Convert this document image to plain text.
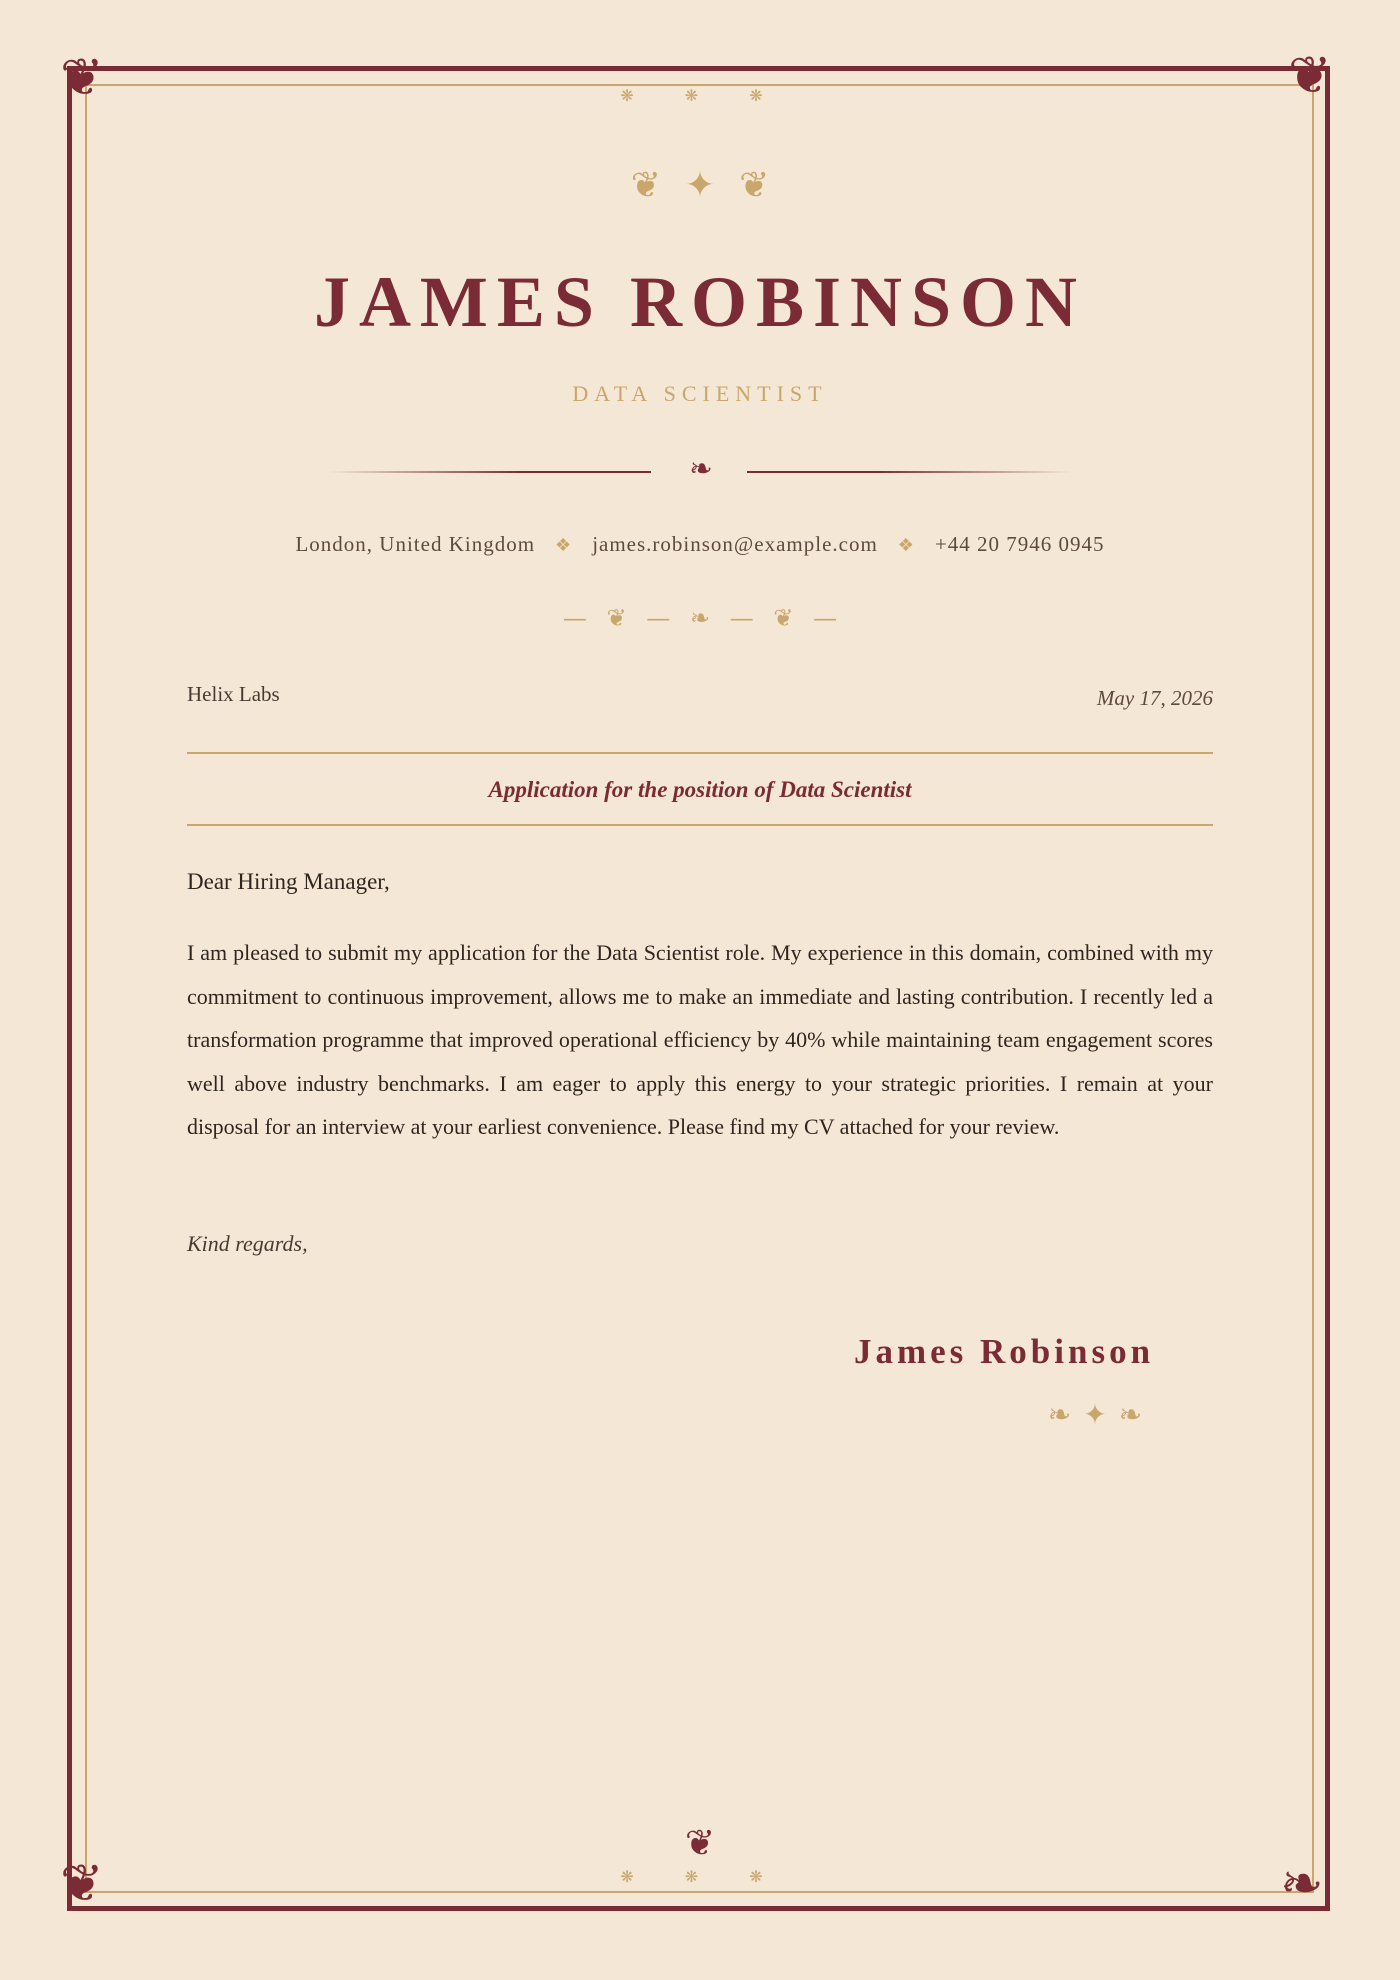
❦	❦
❦	❧
❋ ❋ ❋
❦ ✦ ❦
JAMES ROBINSON
DATA SCIENTIST
❧
London, United Kingdom ❖ james.robinson@example.com ❖ +44 20 7946 0945
— ❦ — ❧ — ❦ —
Helix Labs	May 17, 2026
Application for the position of Data Scientist
Dear Hiring Manager,

I am pleased to submit my application for the Data Scientist role. My experience in this domain, combined with my commitment to continuous improvement, allows me to make an immediate and lasting contribution. I recently led a transformation programme that improved operational efficiency by 40% while maintaining team engagement scores well above industry benchmarks. I am eager to apply this energy to your strategic priorities. I remain at your disposal for an interview at your earliest convenience. Please find my CV attached for your review.

Kind regards,
James Robinson
❧ ✦ ❧
❦
❋ ❋ ❋
